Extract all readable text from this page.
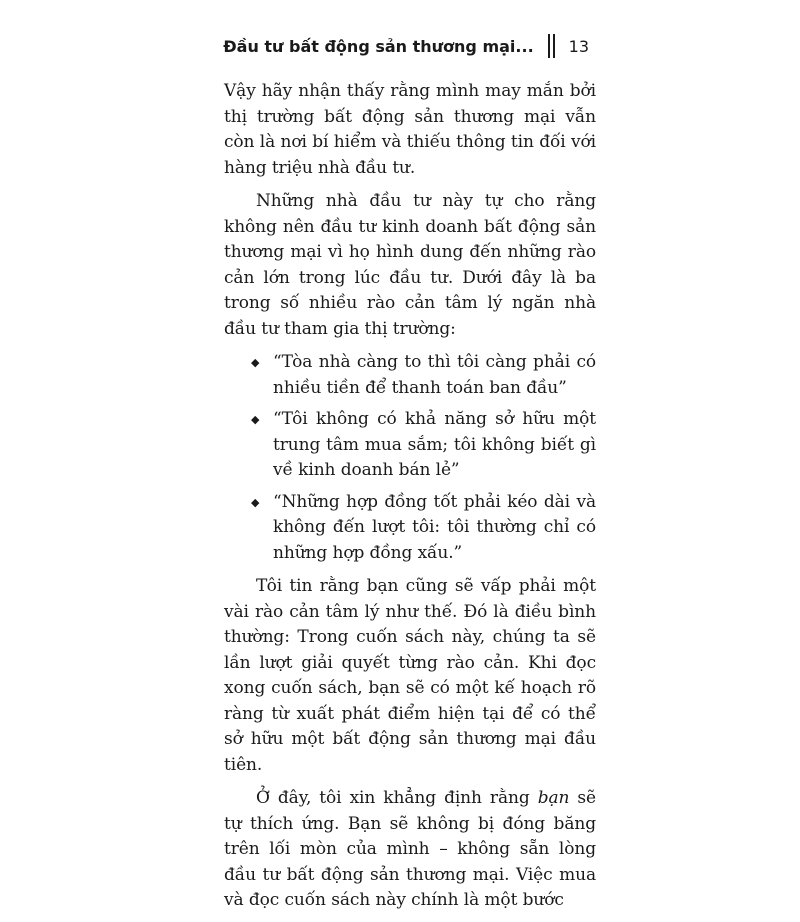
Đầu tư bất động sản thương mại... 13

Vậy hãy nhận thấy rằng mình may mắn bởi thị trường bất động sản thương mại vẫn còn là nơi bí hiểm và thiếu thông tin đối với hàng triệu nhà đầu tư.

Những nhà đầu tư này tự cho rằng không nên đầu tư kinh doanh bất động sản thương mại vì họ hình dung đến những rào cản lớn trong lúc đầu tư. Dưới đây là ba trong số nhiều rào cản tâm lý ngăn nhà đầu tư tham gia thị trường:

◆ “Tòa nhà càng to thì tôi càng phải có nhiều tiền để thanh toán ban đầu”
◆ “Tôi không có khả năng sở hữu một trung tâm mua sắm; tôi không biết gì về kinh doanh bán lẻ”
◆ “Những hợp đồng tốt phải kéo dài và không đến lượt tôi: tôi thường chỉ có những hợp đồng xấu.”

Tôi tin rằng bạn cũng sẽ vấp phải một vài rào cản tâm lý như thế. Đó là điều bình thường: Trong cuốn sách này, chúng ta sẽ lần lượt giải quyết từng rào cản. Khi đọc xong cuốn sách, bạn sẽ có một kế hoạch rõ ràng từ xuất phát điểm hiện tại để có thể sở hữu một bất động sản thương mại đầu tiên.

Ở đây, tôi xin khẳng định rằng bạn sẽ tự thích ứng. Bạn sẽ không bị đóng băng trên lối mòn của mình – không sẵn lòng đầu tư bất động sản thương mại. Việc mua và đọc cuốn sách này chính là một bước
